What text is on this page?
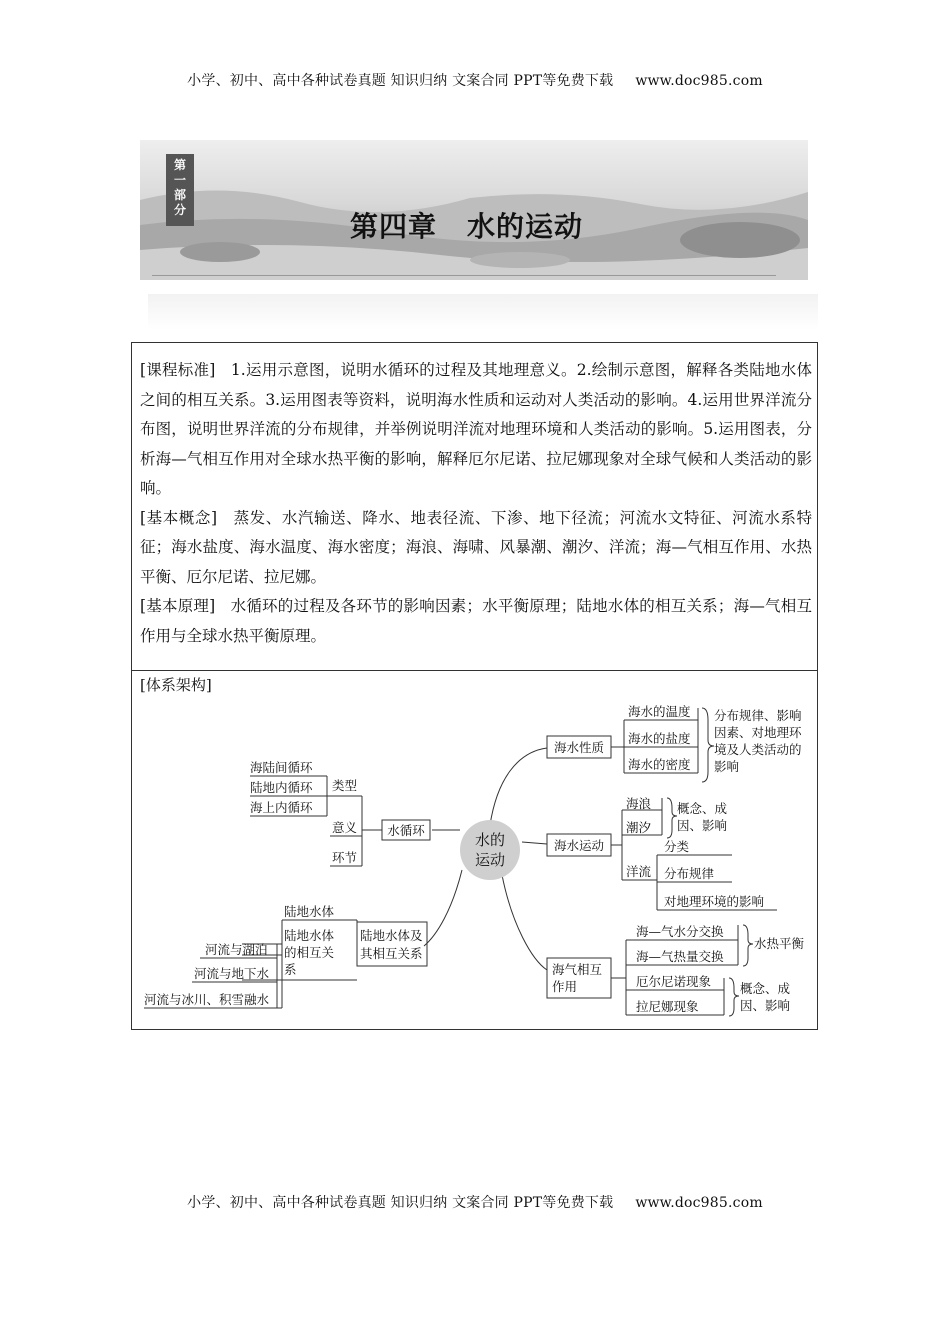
小学、初中、高中各种试卷真题 知识归纳 文案合同 PPT等免费下载 www.doc985.com
第
一
部
分	第四章 水的运动

[课程标准] 1.运用示意图，说明水循环的过程及其地理意义。2.绘制示意图，解释各类陆地水体之间的相互关系。3.运用图表等资料，说明海水性质和运动对人类活动的影响。4.运用世界洋流分布图，说明世界洋流的分布规律，并举例说明洋流对地理环境和人类活动的影响。5.运用图表，分析海—气相互作用对全球水热平衡的影响，解释厄尔尼诺、拉尼娜现象对全球气候和人类活动的影响。

[基本概念] 蒸发、水汽输送、降水、地表径流、下渗、地下径流；河流水文特征、河流水系特征；海水盐度、海水温度、海水密度；海浪、海啸、风暴潮、潮汐、洋流；海—气相互作用、水热平衡、厄尔尼诺、拉尼娜。

[基本原理] 水循环的过程及各环节的影响因素；水平衡原理；陆地水体的相互关系；海—气相互作用与全球水热平衡原理。

[体系架构]
水的
运动
水循环
类型
意义
环节
海陆间循环
陆地内循环
海上内循环
陆地水体及
其相互关系
陆地水体
陆地水体
的相互关
系
河流与湖泊
河流与地下水
河流与冰川、积雪融水
海水性质
海水的温度
海水的盐度
海水的密度
分布规律、影响
因素、对地理环
境及人类活动的
影响
海水运动
海浪
潮汐
概念、成
因、影响
洋流
分类
分布规律
对地理环境的影响
海气相互
作用
海—气水分交换
海—气热量交换
水热平衡
厄尔尼诺现象
拉尼娜现象
概念、成
因、影响
小学、初中、高中各种试卷真题 知识归纳 文案合同 PPT等免费下载 www.doc985.com
